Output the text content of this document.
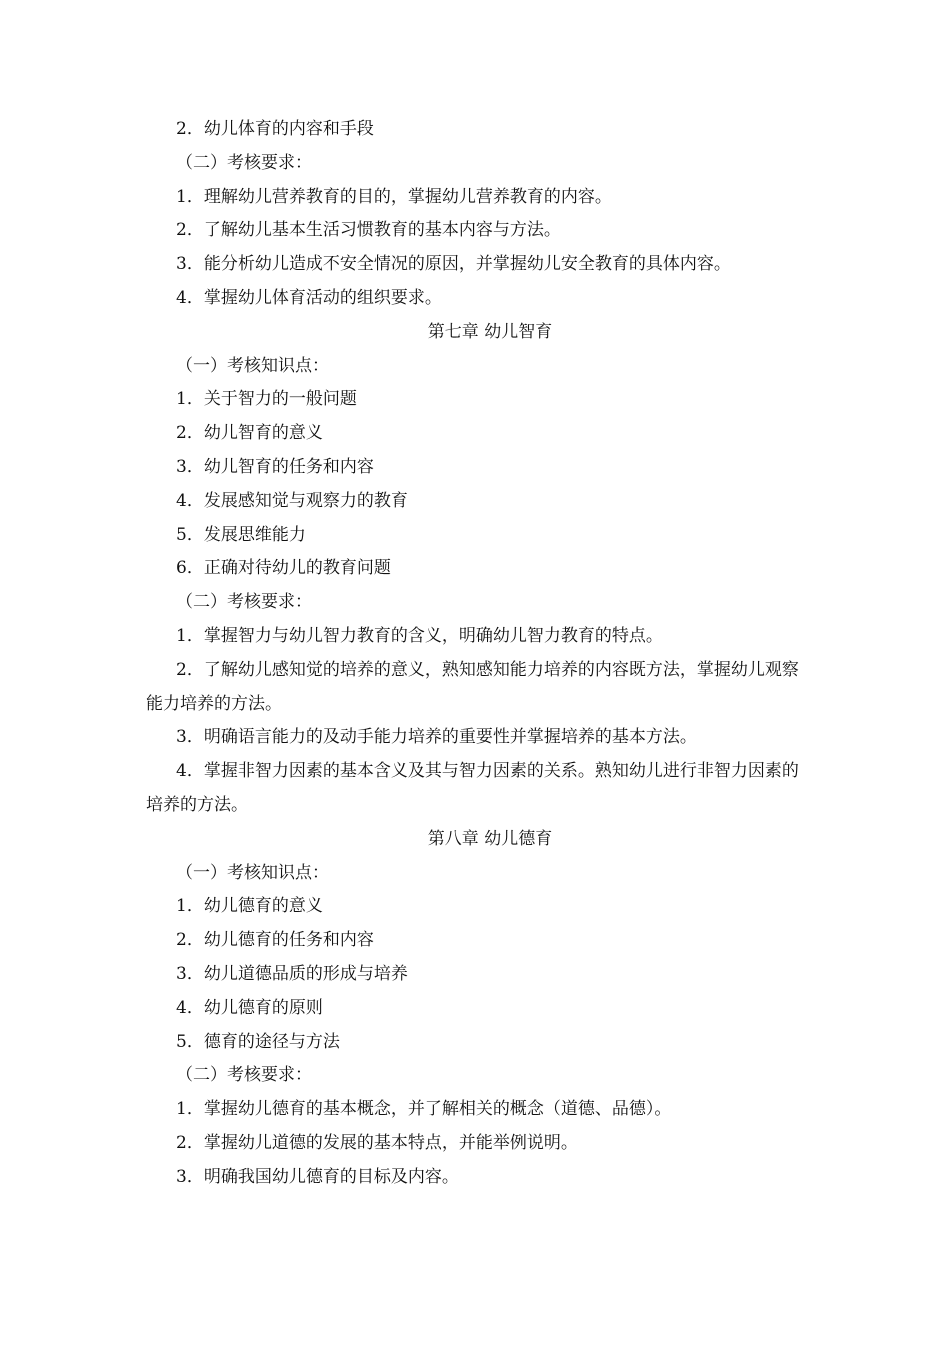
2．幼儿体育的内容和手段

（二）考核要求：

1．理解幼儿营养教育的目的，掌握幼儿营养教育的内容。

2．了解幼儿基本生活习惯教育的基本内容与方法。

3．能分析幼儿造成不安全情况的原因，并掌握幼儿安全教育的具体内容。

4．掌握幼儿体育活动的组织要求。

第七章 幼儿智育

（一）考核知识点：

1．关于智力的一般问题

2．幼儿智育的意义

3．幼儿智育的任务和内容

4．发展感知觉与观察力的教育

5．发展思维能力

6．正确对待幼儿的教育问题

（二）考核要求：

1．掌握智力与幼儿智力教育的含义，明确幼儿智力教育的特点。

2．了解幼儿感知觉的培养的意义，熟知感知能力培养的内容既方法，掌握幼儿观察能力培养的方法。

3．明确语言能力的及动手能力培养的重要性并掌握培养的基本方法。

4．掌握非智力因素的基本含义及其与智力因素的关系。熟知幼儿进行非智力因素的培养的方法。

第八章 幼儿德育

（一）考核知识点：

1．幼儿德育的意义

2．幼儿德育的任务和内容

3．幼儿道德品质的形成与培养

4．幼儿德育的原则

5．德育的途径与方法

（二）考核要求：

1．掌握幼儿德育的基本概念，并了解相关的概念（道德、品德）。

2．掌握幼儿道德的发展的基本特点，并能举例说明。

3．明确我国幼儿德育的目标及内容。
